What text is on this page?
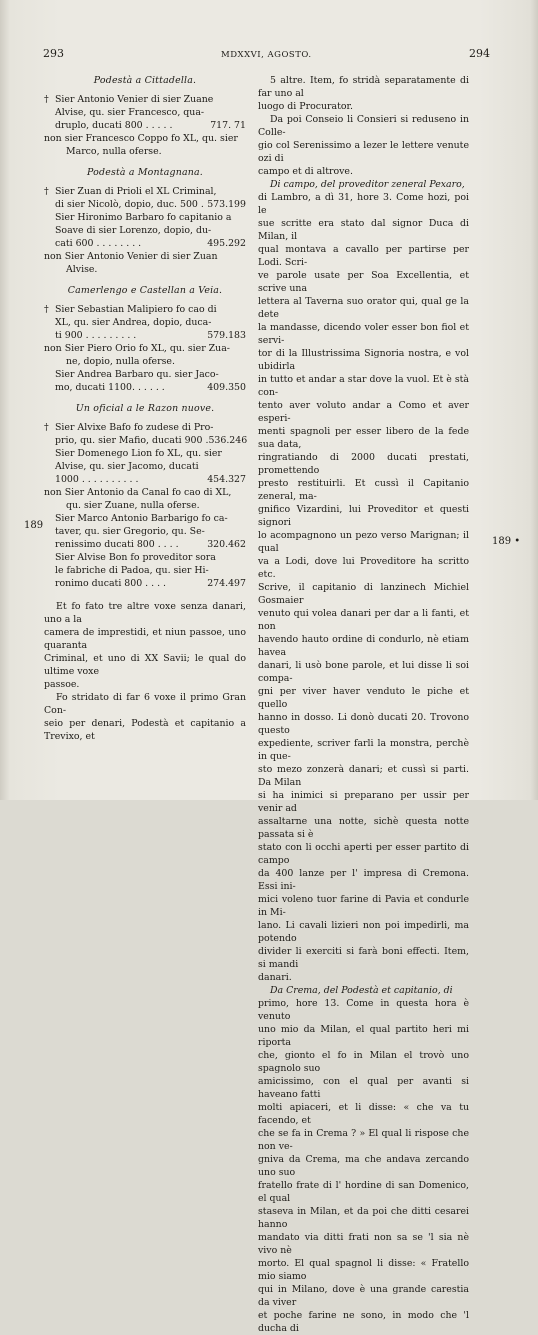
293	MDXXVI, AGOSTO.	294
189
189 •
Podestà a Cittadella.
† Sier Antonio Venier di sier Zuane
Alvise, qu. sier Francesco, qua-
druplo, ducati 800 . . . . .	717. 71
non sier Francesco Coppo fo XL, qu. sier
Marco, nulla oferse.
Podestà a Montagnana.
† Sier Zuan di Prioli el XL Criminal,
di sier Nicolò, dopio, duc. 500 . 573.199
Sier Hironimo Barbaro fo capitanio a
Soave di sier Lorenzo, dopio, du-
cati 600 . . . . . . . .	495.292
non Sier Antonio Venier di sier Zuan
Alvise.
Camerlengo e Castellan a Veia.
† Sier Sebastian Malipiero fo cao di
XL, qu. sier Andrea, dopio, duca-
ti 900 . . . . . . . . .	579.183
non Sier Piero Orio fo XL, qu. sier Zua-
ne, dopio, nulla oferse.
Sier Andrea Barbaro qu. sier Jaco-
mo, ducati 1100. . . . . .	409.350
Un oficial a le Razon nuove.
† Sier Alvixe Bafo fo zudese di Pro-
prio, qu. sier Mafio, ducati 900 . 536.246
Sier Domenego Lion fo XL, qu. sier
Alvise, qu. sier Jacomo, ducati
1000 . . . . . . . . . .	454.327
non Sier Antonio da Canal fo cao di XL,
qu. sier Zuane, nulla oferse.
Sier Marco Antonio Barbarigo fo ca-
taver, qu. sier Gregorio, qu. Se-
renissimo ducati 800 . . . .	320.462
Sier Alvise Bon fo proveditor sora
le fabriche di Padoa, qu. sier Hi-
ronimo ducati 800 . . . .	274.497

Et fo fato tre altre voxe senza danari, uno a la

camera de imprestidi, et niun passoe, uno quaranta

Criminal, et uno di XX Savii; le qual do ultime voxe

passoe.

Fo stridato di far 6 voxe il primo Gran Con-

seio per denari, Podestà et capitanio a Trevixo, et

5 altre. Item, fo stridà separatamente di far uno al

luogo di Procurator.

Da poi Conseio li Consieri si reduseno in Colle-

gio col Serenissimo a lezer le lettere venute ozi di

campo et di altrove.

Di campo, del proveditor zeneral Pexaro,

di Lambro, a dì 31, hore 3. Come hozi, poi le

sue scritte era stato dal signor Duca di Milan, il

qual montava a cavallo per partirse per Lodi. Scri-

ve parole usate per Soa Excellentia, et scrive una

lettera al Taverna suo orator qui, qual ge la dete

la mandasse, dicendo voler esser bon fiol et servi-

tor di la Illustrissima Signoria nostra, e vol ubidirla

in tutto et andar a star dove la vuol. Et è stà con-

tento aver voluto andar a Como et aver esperi-

menti spagnoli per esser libero de la fede sua data,

ringratiando di 2000 ducati prestati, promettendo

presto restituirli. Et cussì il Capitanio zeneral, ma-

gnifico Vizardini, lui Proveditor et questi signori

lo acompagnono un pezo verso Marignan; il qual

va a Lodi, dove lui Proveditore ha scritto etc.

Scrive, il capitanio di lanzinech Michiel Gosmaier

venuto qui volea danari per dar a li fanti, et non

havendo hauto ordine di condurlo, nè etiam havea

danari, li usò bone parole, et lui disse li soi compa-

gni per viver haver venduto le piche et quello

hanno in dosso. Li donò ducati 20. Trovono questo

expediente, scriver farli la monstra, perchè in que-

sto mezo zonzerà danari; et cussì si parti. Da Milan

si ha inimici si preparano per ussir per venir ad

assaltarne una notte, sichè questa notte passata si è

stato con li occhi aperti per esser partito di campo

da 400 lanze per l' impresa di Cremona. Essi ini-

mici voleno tuor farine di Pavia et condurle in Mi-

lano. Li cavali lizieri non poi impedirli, ma potendo

divider li exerciti si farà boni effecti. Item, si mandi

danari.

Da Crema, del Podestà et capitanio, di

primo, hore 13. Come in questa hora è venuto

uno mio da Milan, el qual partito heri mi riporta

che, gionto el fo in Milan el trovò uno spagnolo suo

amicissimo, con el qual per avanti si haveano fatti

molti apiaceri, et li disse: « che va tu facendo, et

che se fa in Crema ? » El qual li rispose che non ve-

gniva da Crema, ma che andava zercando uno suo

fratello frate di l' hordine di san Domenico, el qual

staseva in Milan, et da poi che ditti cesarei hanno

mandato via ditti frati non sa se 'l sia nè vivo nè

morto. El qual spagnol li disse: « Fratello mio siamo

qui in Milano, dove è una grande carestia da viver

et poche farine ne sono, in modo che 'l ducha di
